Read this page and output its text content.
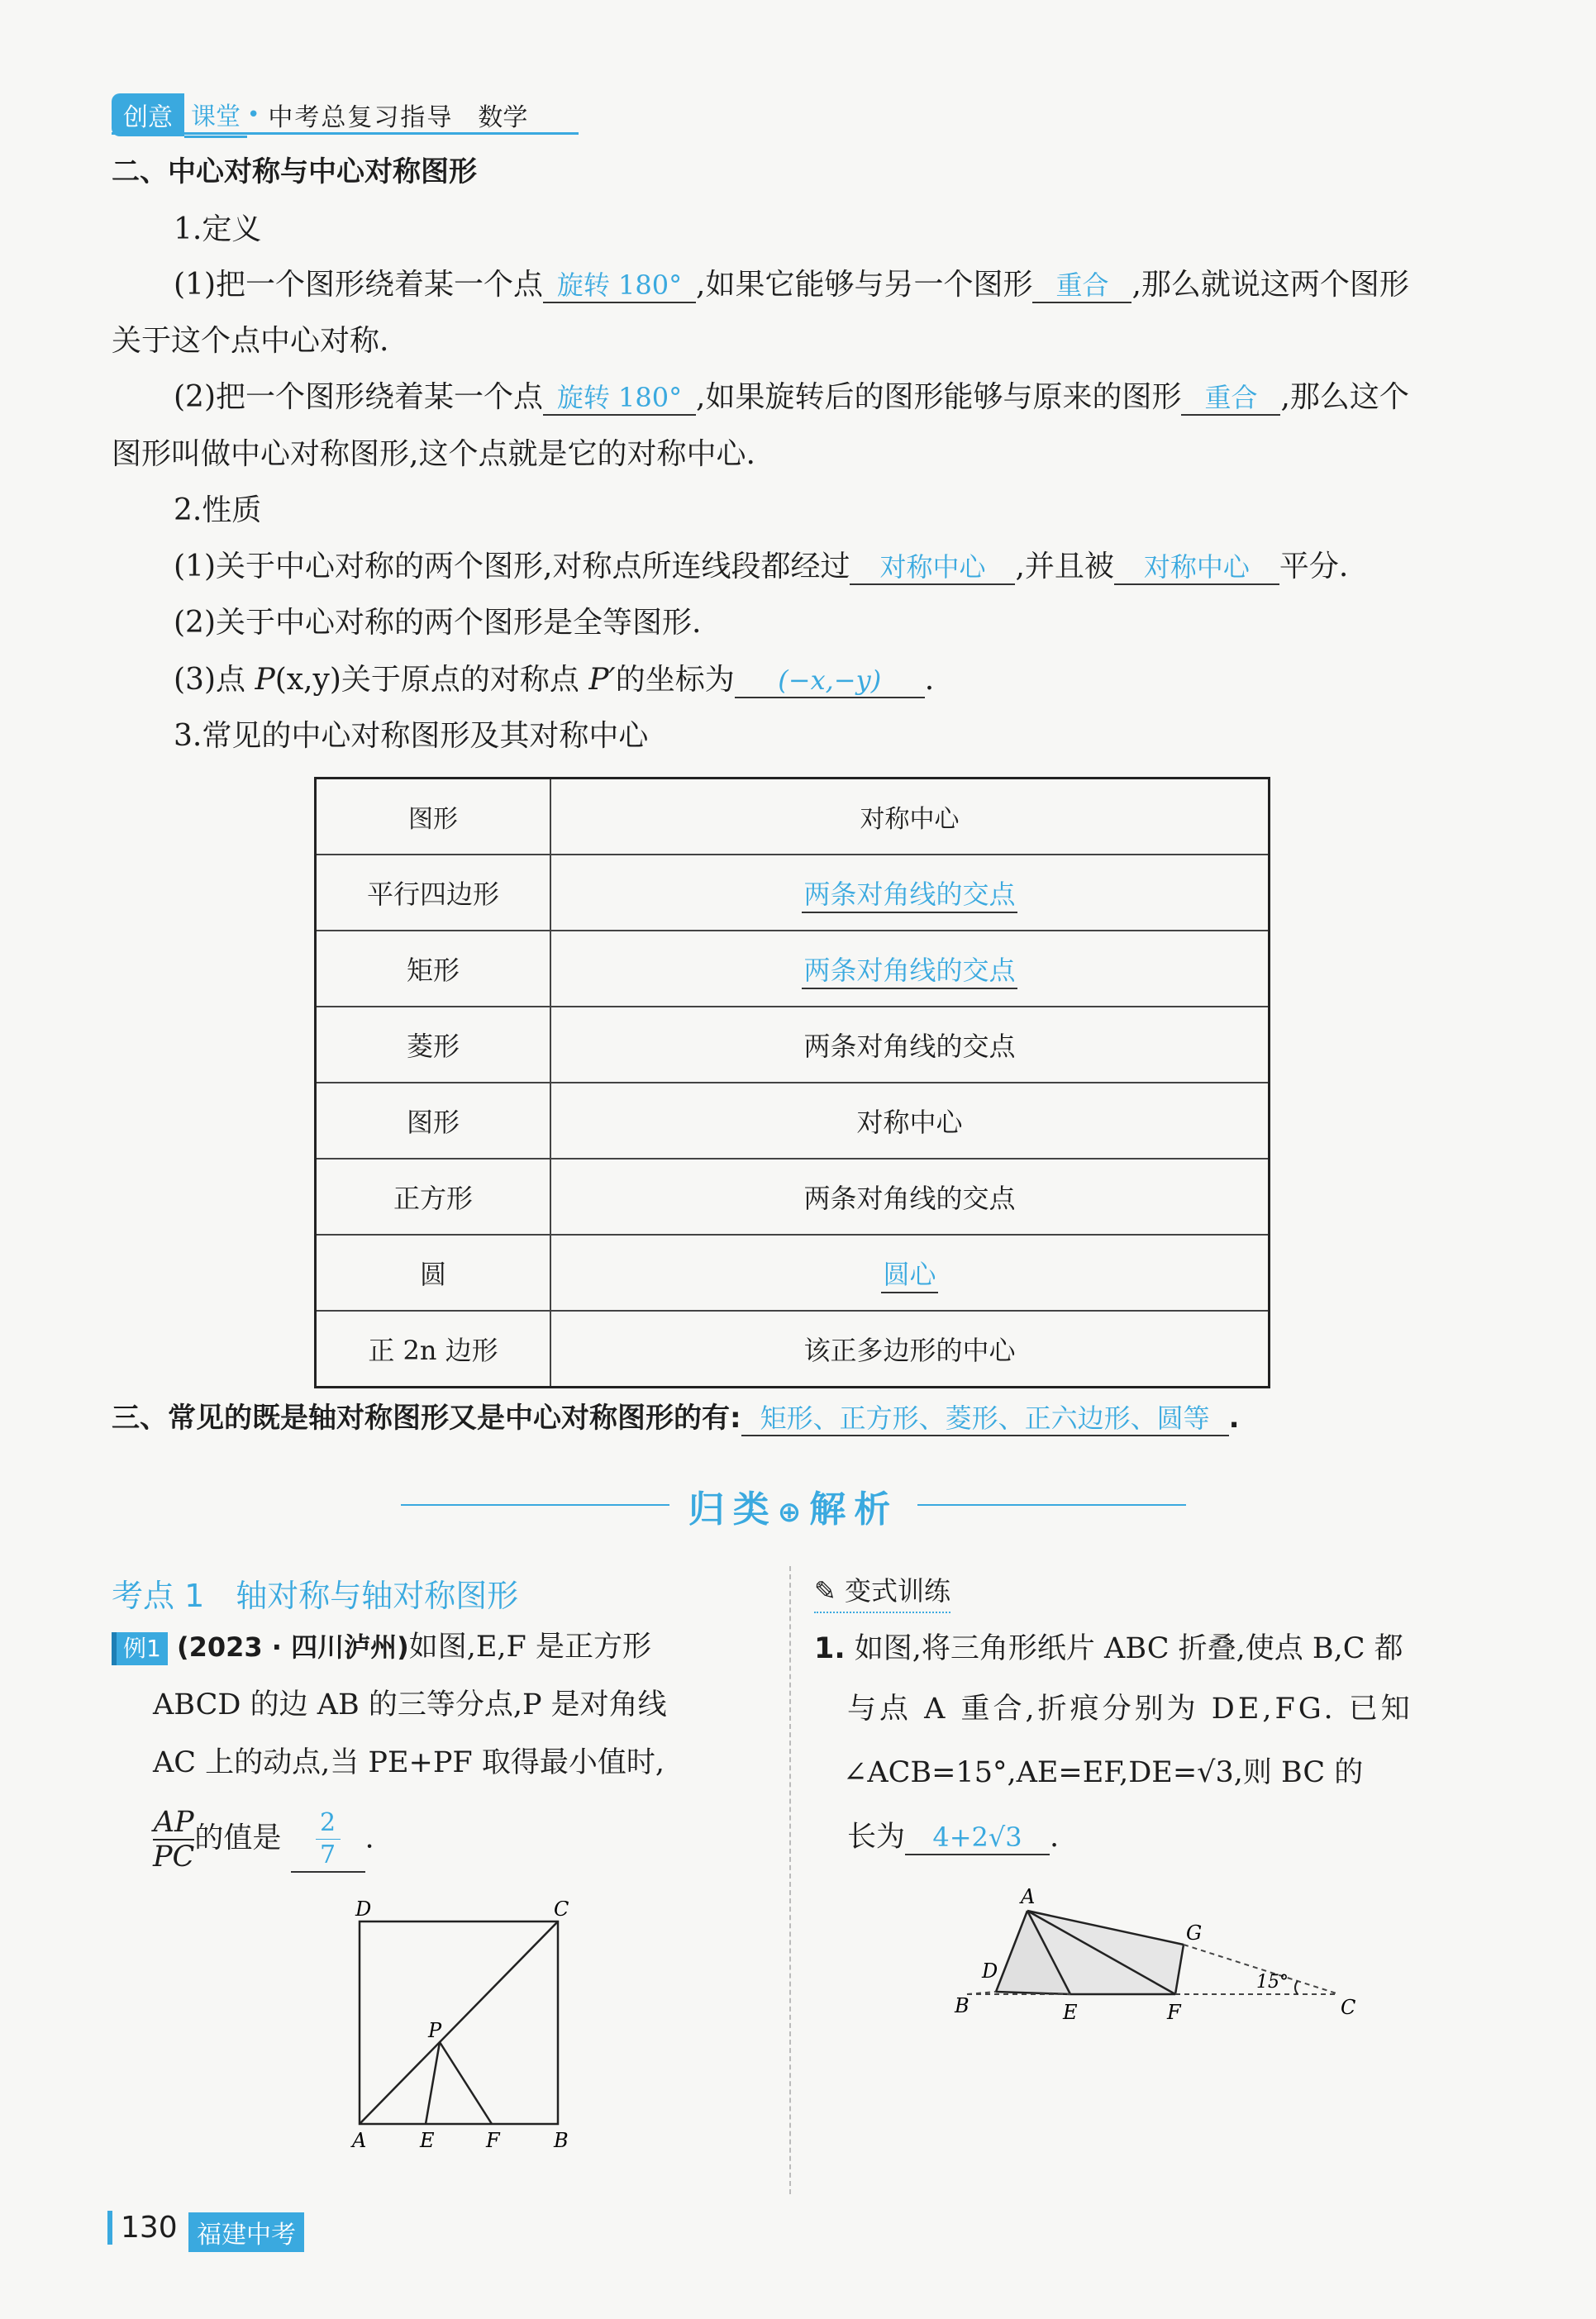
创意 课堂 • 中考总复习指导 数学
二、中心对称与中心对称图形
1.定义
(1)把一个图形绕着某一个点 旋转 180° ,如果它能够与另一个图形 重合 ,那么就说这两个图形
关于这个点中心对称.
(2)把一个图形绕着某一个点 旋转 180° ,如果旋转后的图形能够与原来的图形 重合 ,那么这个
图形叫做中心对称图形,这个点就是它的对称中心.
2.性质
(1)关于中心对称的两个图形,对称点所连线段都经过 对称中心 ,并且被 对称中心 平分.
(2)关于中心对称的两个图形是全等图形.
(3)点 P(x,y)关于原点的对称点 P′的坐标为 (−x,−y) .
3.常见的中心对称图形及其对称中心
图形	对称中心
平行四边形	两条对角线的交点
矩形	两条对角线的交点
菱形	两条对角线的交点
图形	对称中心
正方形	两条对角线的交点
圆	圆心
正 2n 边形	该正多边形的中心
三、常见的既是轴对称图形又是中心对称图形的有: 矩形、正方形、菱形、正六边形、圆等 .
归类⊕解析
考点 1　轴对称与轴对称图形	✎ 变式训练
例1 (2023 · 四川泸州)如图,E,F 是正方形
ABCD 的边 AB 的三等分点,P 是对角线
AC 上的动点,当 PE+PF 取得最小值时,
$\frac{AP}{PC}$ 的值是 $\frac{2}{7}$ .
D	C
P
A	E	F	B
1. 如图,将三角形纸片 ABC 折叠,使点 B,C 都
与点 A 重合,折痕分别为 DE,FG. 已知
∠ACB=15°,AE=EF,DE=√3,则 BC 的
长为 4+2√3 .
A
D
G
B	E	F	C
15°
130 福建中考
